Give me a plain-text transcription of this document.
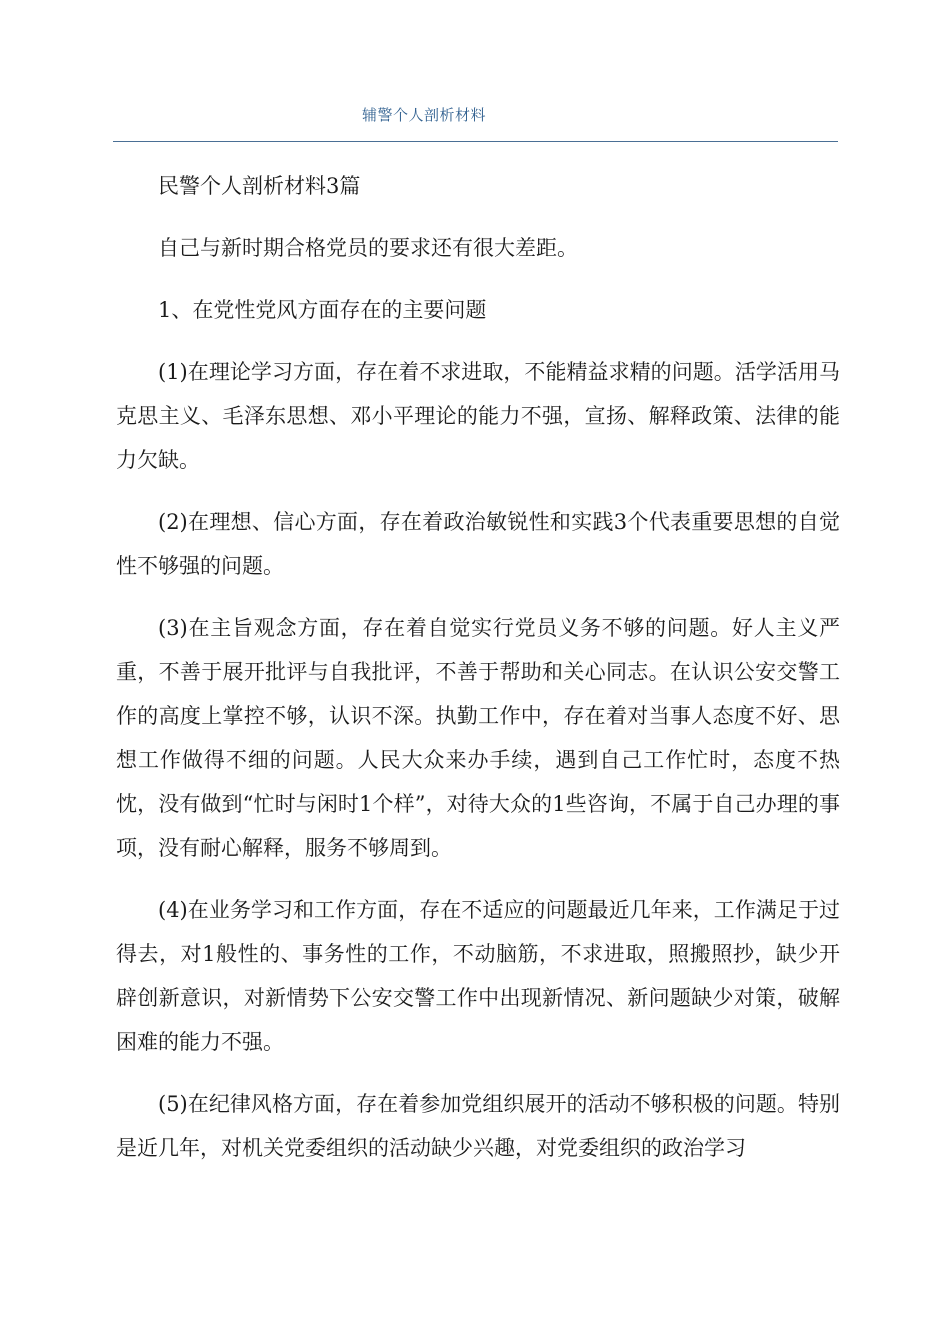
辅警个人剖析材料

民警个人剖析材料3篇

自己与新时期合格党员的要求还有很大差距。

1、在党性党风方面存在的主要问题

(1)在理论学习方面，存在着不求进取，不能精益求精的问题。活学活用马克思主义、毛泽东思想、邓小平理论的能力不强，宣扬、解释政策、法律的能力欠缺。

(2)在理想、信心方面，存在着政治敏锐性和实践3个代表重要思想的自觉性不够强的问题。

(3)在主旨观念方面，存在着自觉实行党员义务不够的问题。好人主义严重，不善于展开批评与自我批评，不善于帮助和关心同志。在认识公安交警工作的高度上掌控不够，认识不深。执勤工作中，存在着对当事人态度不好、思想工作做得不细的问题。人民大众来办手续，遇到自己工作忙时，态度不热忱，没有做到“忙时与闲时1个样”，对待大众的1些咨询，不属于自己办理的事项，没有耐心解释，服务不够周到。

(4)在业务学习和工作方面，存在不适应的问题最近几年来，工作满足于过得去，对1般性的、事务性的工作，不动脑筋，不求进取，照搬照抄，缺少开辟创新意识，对新情势下公安交警工作中出现新情况、新问题缺少对策，破解困难的能力不强。

(5)在纪律风格方面，存在着参加党组织展开的活动不够积极的问题。特别是近几年，对机关党委组织的活动缺少兴趣，对党委组织的政治学习
